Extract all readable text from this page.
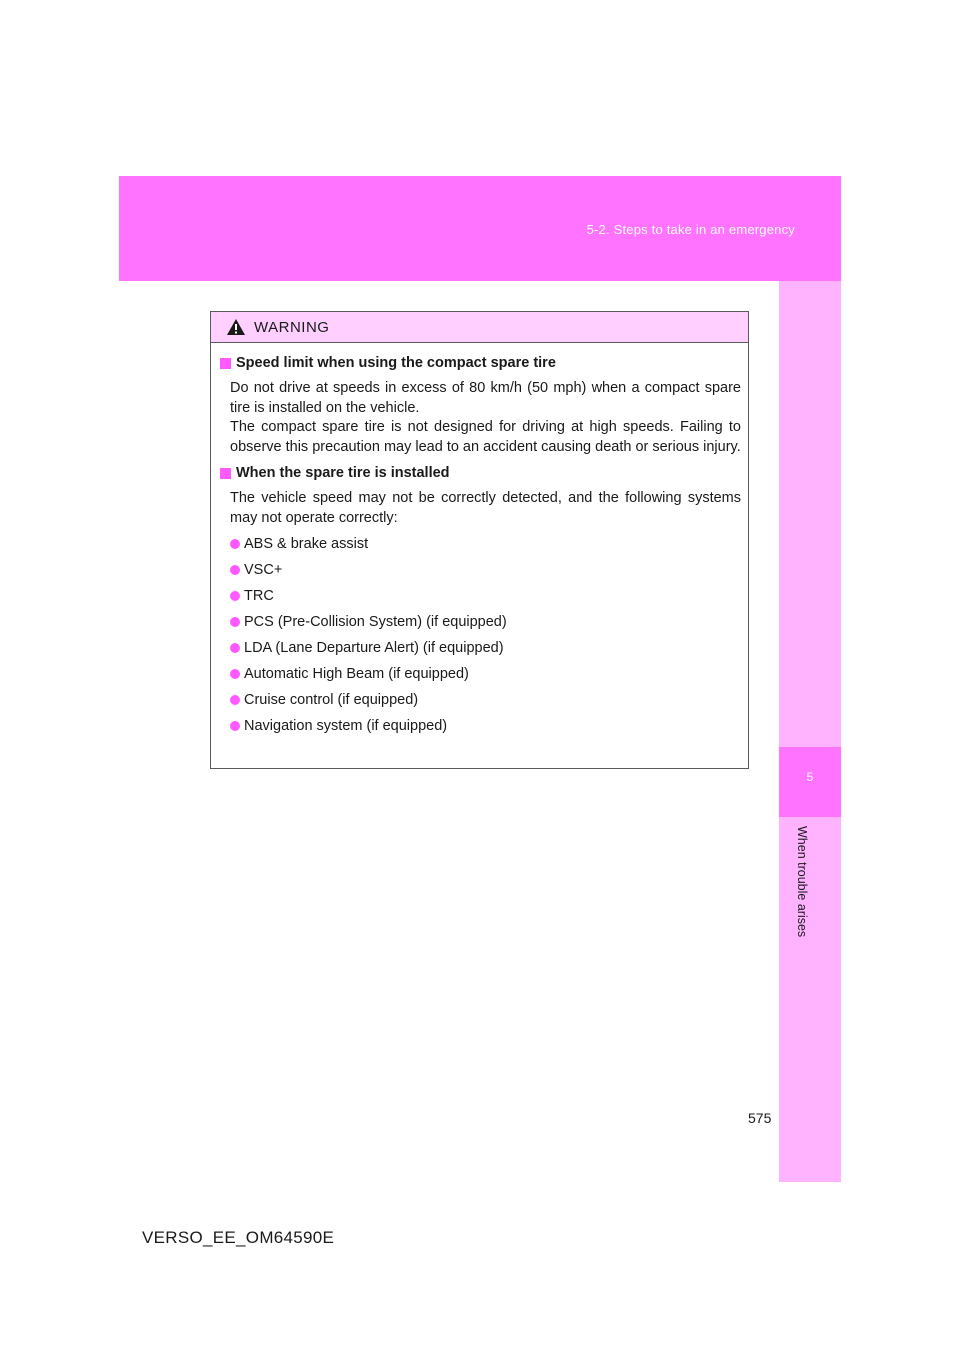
5-2. Steps to take in an emergency
5
When trouble arises
WARNING
Speed limit when using the compact spare tire

Do not drive at speeds in excess of 80 km/h (50 mph) when a compact spare tire is installed on the vehicle.

The compact spare tire is not designed for driving at high speeds. Failing to observe this precaution may lead to an accident causing death or serious injury.

When the spare tire is installed

The vehicle speed may not be correctly detected, and the following systems may not operate correctly:

ABS & brake assist
VSC+
TRC
PCS (Pre-Collision System) (if equipped)
LDA (Lane Departure Alert) (if equipped)
Automatic High Beam (if equipped)
Cruise control (if equipped)
Navigation system (if equipped)
575
VERSO_EE_OM64590E
